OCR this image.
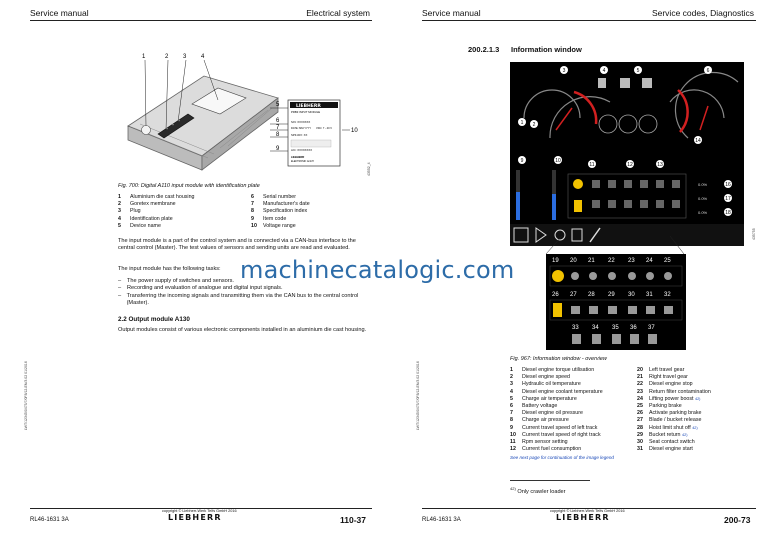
Service manual	Electrical system
1	2 3 4
5
6
7
8
9
10
LIEBHERR
PRB3 INPUT MODULE
S/N: XXXXXXX
DATE: MM.YYYY VDC: 7 - 40 V
SPF-IDX: XX
A/C: XXXXXXXX
LIEBHERR
ELEKTRONIK GmbH
43552_4
Fig. 700: Digital A110 input module with identification plate
1	Aluminium die cast housing
2	Goretex membrane
3	Plug
4	Identification plate
5	Device name
6	Serial number
7	Manufacturer's date
8	Specification index
9	Item code
10	Voltage range
The input module is a part of the control system and is connected via a CAN-bus interface to the central control (Master). The test values of sensors and sending units are read and evaluated.
The input module has the following tasks:
–	The power supply of switches and sensors.
–	Recording and evaluation of analogue and digital input signals.
– Transferring the incoming signals and transmitting them via the CAN bus to the central control (Master).
2.2 Output module A130
Output modules consist of various electronic components installed in an aluminium die cast housing.
LWT/12345/0475/7/0F8/12-EN/3.02 01/2016
RL46-1631 3A
copyright © Liebherr-Werk Telfs GmbH 2016
LIEBHERR	110-37
Service manual	Service codes, Diagnostics
200.2.1.3 Information window
1 2
3	4	5	6
9	10
11	12	13
14
16
17
18
0.0%
0.0%
0.0%
435755
19 20 21 22 23 24 25
26 27 28 29 30 31 32
33 34 35 36 37
Fig. 967: Information window - overview
1	Diesel engine torque utilisation
2	Diesel engine speed
3	Hydraulic oil temperature
4	Diesel engine coolant temperature
5	Charge air temperature
6	Battery voltage
7	Diesel engine oil pressure
8	Charge air pressure
9	Current travel speed of left track
10	Current travel speed of right track
11	Rpm sensor setting
12	Current fuel consumption
20	Left travel gear
21	Right travel gear
22	Diesel engine stop
23	Return filter contamination
24	Lifting power boost
42)
25	Parking brake
26	Activate parking brake
27	Blade / bucket release
28	Hoist limit shut off
42)
29	Bucket return
42)
30	Seat contact switch
31	Diesel engine start
See next page for continuation of the image legend
$^{42)}$ Only crawler loader
LWT/12345/0475/7/0F8/12-EN/3.02 01/2016
RL46-1631 3A
copyright © Liebherr-Werk Telfs GmbH 2016
LIEBHERR	200-73
machinecatalogic.com
